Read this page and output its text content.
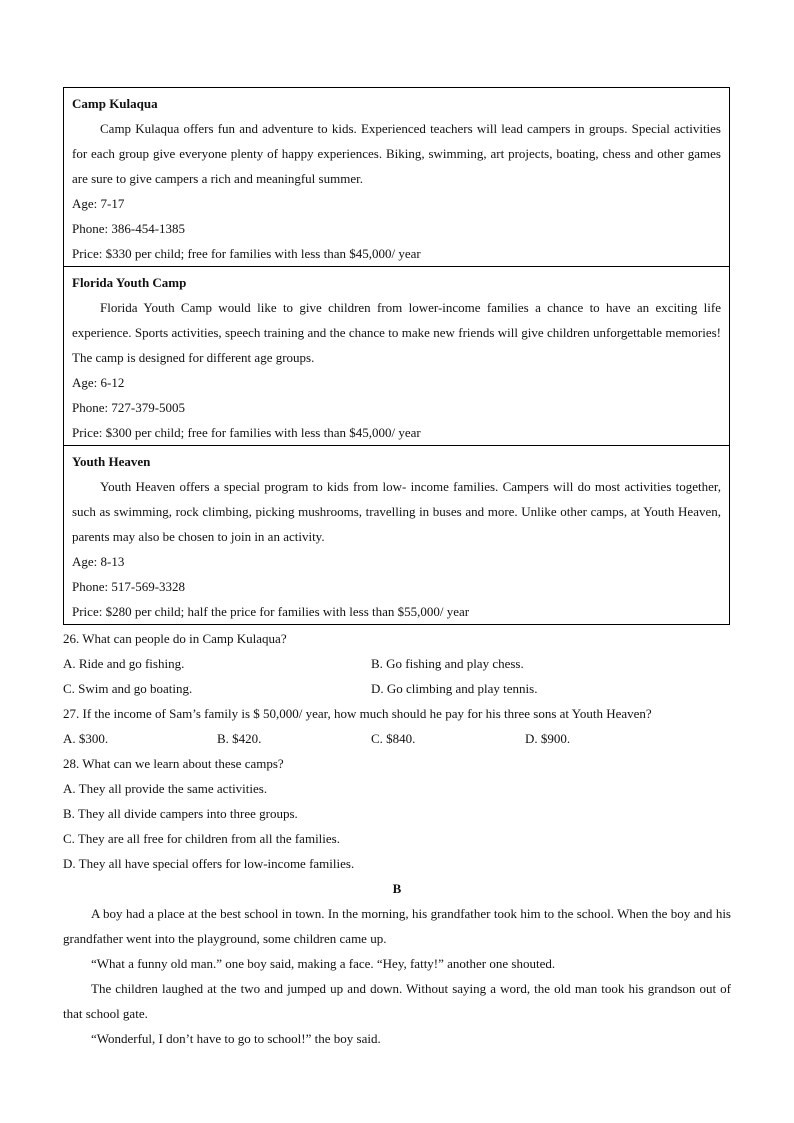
Camp Kulaqua

Camp Kulaqua offers fun and adventure to kids. Experienced teachers will lead campers in groups. Special activities for each group give everyone plenty of happy experiences. Biking, swimming, art projects, boating, chess and other games are sure to give campers a rich and meaningful summer.

Age: 7-17

Phone: 386-454-1385

Price: $330 per child; free for families with less than $45,000/ year

Florida Youth Camp

Florida Youth Camp would like to give children from lower-income families a chance to have an exciting life experience. Sports activities, speech training and the chance to make new friends will give children unforgettable memories! The camp is designed for different age groups.

Age: 6-12

Phone: 727-379-5005

Price: $300 per child; free for families with less than $45,000/ year

Youth Heaven

Youth Heaven offers a special program to kids from low- income families. Campers will do most activities together, such as swimming, rock climbing, picking mushrooms, travelling in buses and more. Unlike other camps, at Youth Heaven, parents may also be chosen to join in an activity.

Age: 8-13

Phone: 517-569-3328

Price: $280 per child; half the price for families with less than $55,000/ year

26. What can people do in Camp Kulaqua?

A. Ride and go fishing.	B. Go fishing and play chess.
C. Swim and go boating.	D. Go climbing and play tennis.

27. If the income of Sam’s family is $ 50,000/ year, how much should he pay for his three sons at Youth Heaven?

A. $300.	B. $420.	C. $840.	D. $900.

28. What can we learn about these camps?

A. They all provide the same activities.

B. They all divide campers into three groups.

C. They are all free for children from all the families.

D. They all have special offers for low-income families.

B

A boy had a place at the best school in town. In the morning, his grandfather took him to the school. When the boy and his grandfather went into the playground, some children came up.

“What a funny old man.” one boy said, making a face. “Hey, fatty!” another one shouted.

The children laughed at the two and jumped up and down. Without saying a word, the old man took his grandson out of that school gate.

“Wonderful, I don’t have to go to school!” the boy said.
